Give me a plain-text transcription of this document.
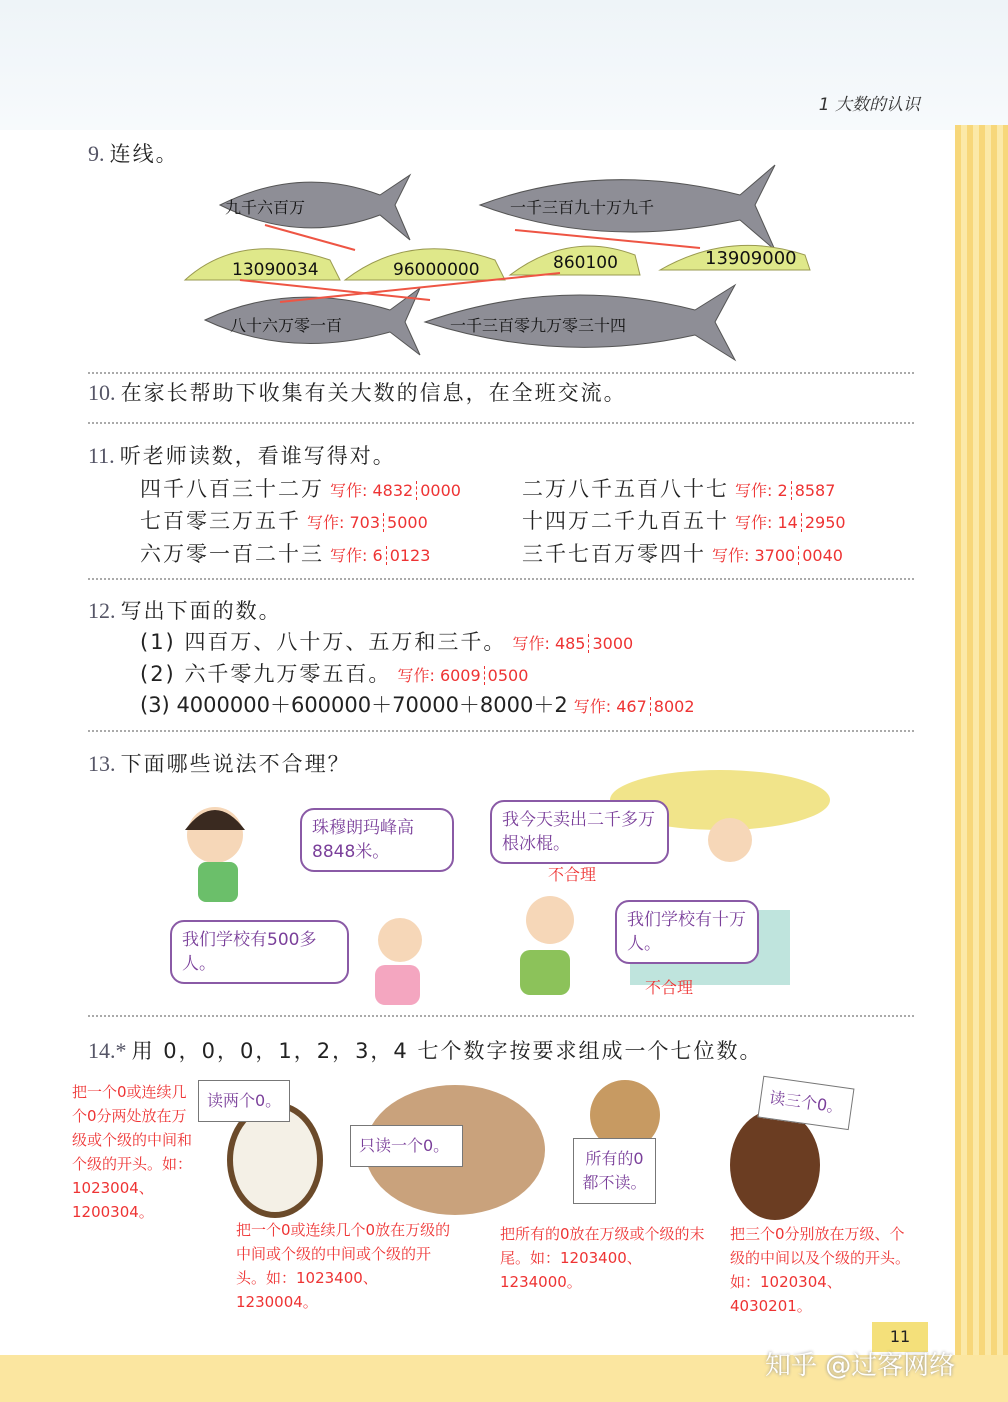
1 大数的认识
9. 连线。
九千六百万	一千三百九十万九千
八十六万零一百	一千三百零九万零三十四
13090034	96000000	860100	13909000
10. 在家长帮助下收集有关大数的信息，在全班交流。
11. 听老师读数，看谁写得对。
四千八百三十二万 写作: 4832 0000	二万八千五百八十七 写作: 2 8587
七百零三万五千 写作: 703 5000	十四万二千九百五十 写作: 14 2950
六万零一百二十三 写作: 6 0123	三千七百万零四十 写作: 3700 0040
12. 写出下面的数。
(1) 四百万、八十万、五万和三千。 写作: 485 3000
(2) 六千零九万零五百。 写作: 6009 0500
(3) 4000000＋600000＋70000＋8000＋2 写作: 467 8002
13. 下面哪些说法不合理？
珠穆朗玛峰高8848米。
我今天卖出二千多万根冰棍。
不合理
我们学校有500多人。
我们学校有十万人。
不合理
14.* 用 0，0，0，1，2，3，4 七个数字按要求组成一个七位数。
读两个0。
只读一个0。
所有的0都不读。
读三个0。
把一个0或连续几个0分两处放在万级或个级的中间和个级的开头。如：1023004、1200304。
把一个0或连续几个0放在万级的中间或个级的中间或个级的开头。如：1023400、1230004。
把所有的0放在万级或个级的末尾。如：1203400、1234000。
把三个0分别放在万级、个级的中间以及个级的开头。如：1020304、4030201。
11
知乎 @过客网络
